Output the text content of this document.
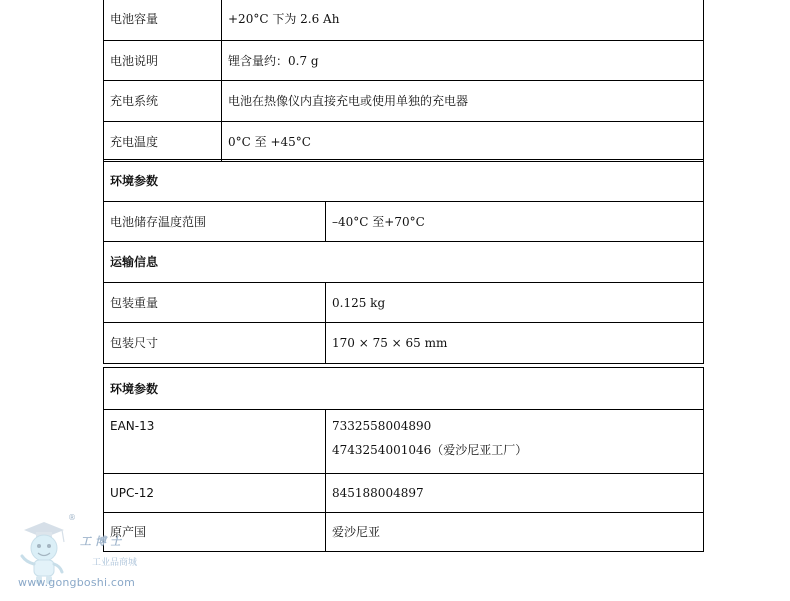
电池容量	+20°C 下为 2.6 Ah
电池说明	锂含量约：0.7 g
充电系统	电池在热像仪内直接充电或使用单独的充电器
充电温度	0°C 至 +45°C
环境参数	
电池储存温度范围	–40°C 至+70°C
运输信息	
包装重量	0.125 kg
包装尺寸	170 × 75 × 65 mm
环境参数	
EAN-13	7332558004890
4743254001046（爱沙尼亚工厂）

UPC-12	845188004897
原产国	爱沙尼亚
®
工博士
工业品商城
www.gongboshi.com
